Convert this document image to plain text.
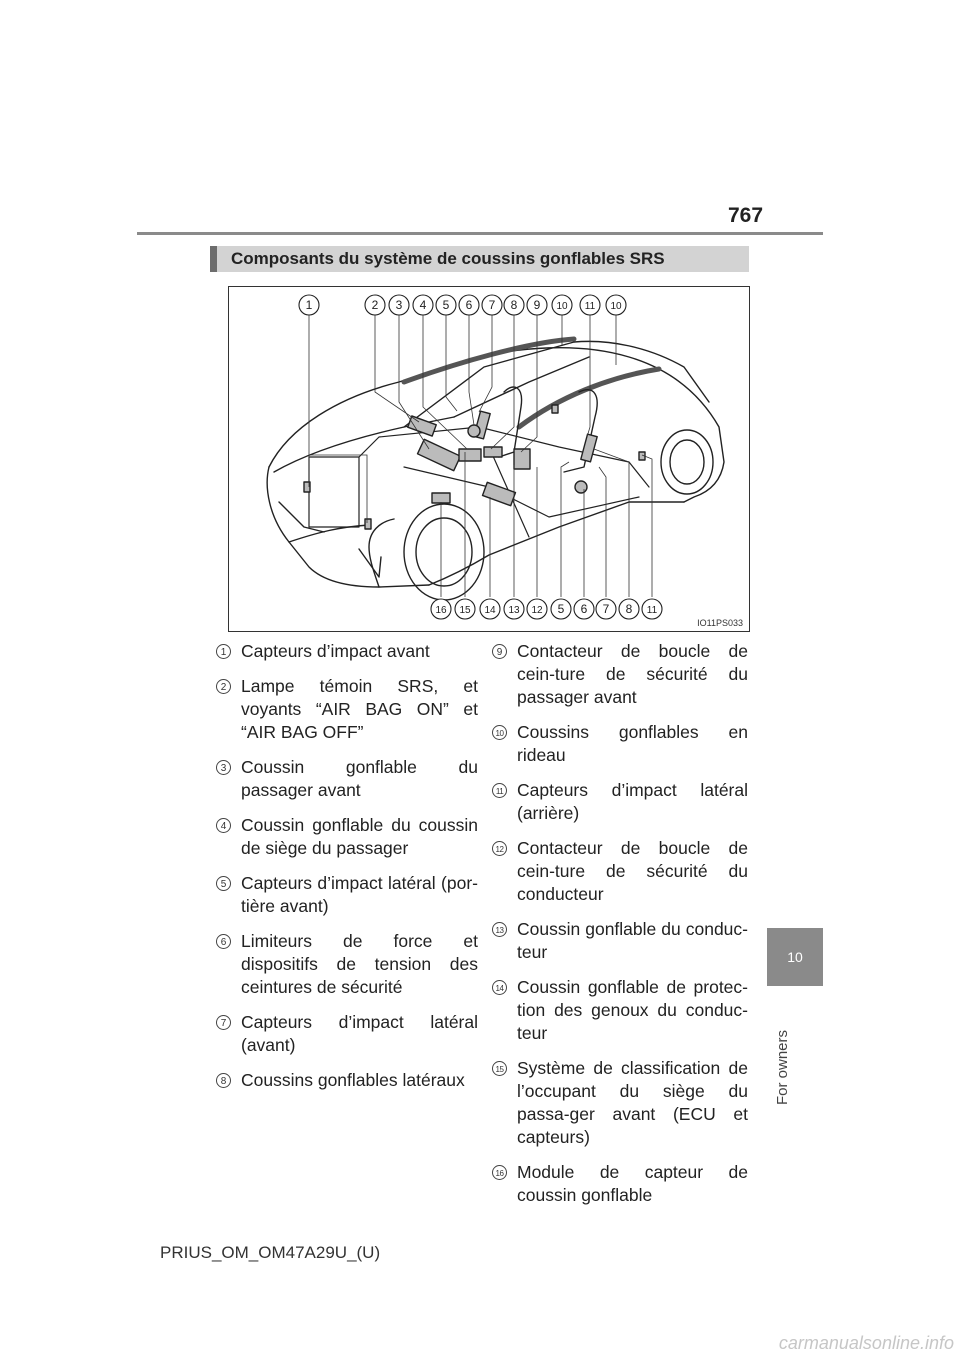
767
10
For owners
Composants du système de coussins gonflables SRS
1	2 3 4 5 6 7 8 9 10 11 10
16 15 14 13 12 5 6 7 8 11
IO11PS033
1 Capteurs d’impact avant
2 Lampe témoin SRS, et voyants “AIR BAG ON” et “AIR BAG OFF”
3 Coussin gonflable du passager avant
4 Coussin gonflable du coussin de siège du passager
5 Capteurs d’impact latéral (por-tière avant)
6 Limiteurs de force et dispositifs de tension des ceintures de sécurité
7 Capteurs d’impact latéral (avant)
8 Coussins gonflables latéraux
9 Contacteur de boucle de cein-ture de sécurité du passager avant
10 Coussins gonflables en rideau
11 Capteurs d’impact latéral (arrière)
12 Contacteur de boucle de cein-ture de sécurité du conducteur
13 Coussin gonflable du conduc-teur
14 Coussin gonflable de protec-tion des genoux du conduc-teur
15 Système de classification de l’occupant du siège du passa-ger avant (ECU et capteurs)
16 Module de capteur de coussin gonflable
PRIUS_OM_OM47A29U_(U)
carmanualsonline.info
